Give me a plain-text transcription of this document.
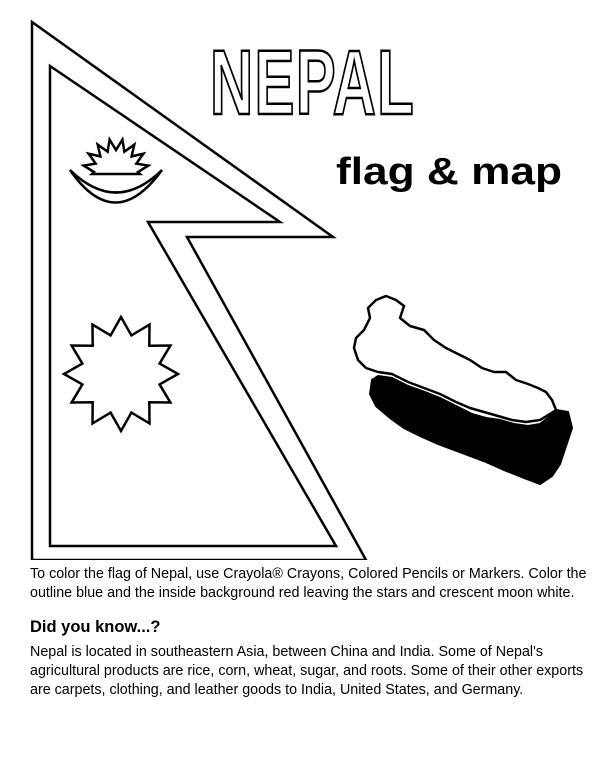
NEPAL
flag & map
To color the flag of Nepal, use Crayola® Crayons, Colored Pencils or Markers. Color the outline blue and the inside background red leaving the stars and crescent moon white.
Did you know...?
Nepal is located in southeastern Asia, between China and India. Some of Nepal's agricultural products are rice, corn, wheat, sugar, and roots. Some of their other exports are carpets, clothing, and leather goods to India, United States, and Germany.
